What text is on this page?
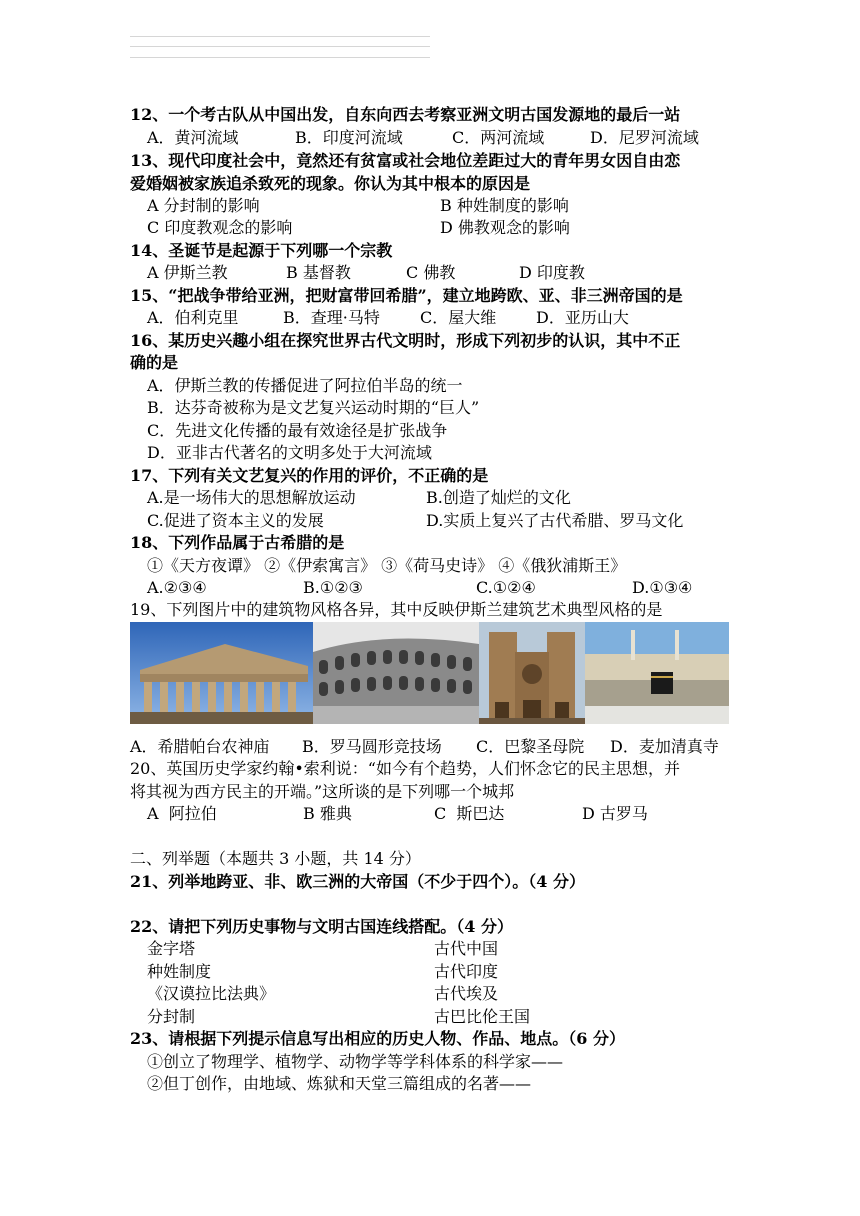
12、一个考古队从中国出发，自东向西去考察亚洲文明古国发源地的最后一站
A．黄河流域	B．印度河流域	C．两河流域	D．尼罗河流域
13、现代印度社会中，竟然还有贫富或社会地位差距过大的青年男女因自由恋
爱婚姻被家族追杀致死的现象。你认为其中根本的原因是
A 分封制的影响	B 种姓制度的影响
C 印度教观念的影响	D 佛教观念的影响
14、圣诞节是起源于下列哪一个宗教
A 伊斯兰教	B 基督教	C 佛教	D 印度教
15、“把战争带给亚洲，把财富带回希腊”，建立地跨欧、亚、非三洲帝国的是
A．伯利克里	B．查理·马特	C．屋大维 D．亚历山大
16、某历史兴趣小组在探究世界古代文明时，形成下列初步的认识，其中不正
确的是
A．伊斯兰教的传播促进了阿拉伯半岛的统一
B．达芬奇被称为是文艺复兴运动时期的“巨人”
C．先进文化传播的最有效途径是扩张战争
D．亚非古代著名的文明多处于大河流域
17、下列有关文艺复兴的作用的评价，不正确的是
A.是一场伟大的思想解放运动	B.创造了灿烂的文化
C.促进了资本主义的发展	D.实质上复兴了古代希腊、罗马文化
18、下列作品属于古希腊的是
①《天方夜谭》 ②《伊索寓言》 ③《荷马史诗》 ④《俄狄浦斯王》
A.②③④	B.①②③	C.①②④	D.①③④
19、下列图片中的建筑物风格各异，其中反映伊斯兰建筑艺术典型风格的是
A．希腊帕台农神庙 B．罗马圆形竞技场 C．巴黎圣母院 D．麦加清真寺
20、英国历史学家约翰•索利说：“如今有个趋势，人们怀念它的民主思想，并
将其视为西方民主的开端。”这所谈的是下列哪一个城邦
A  阿拉伯	B 雅典	C  斯巴达	D 古罗马
二、列举题（本题共 3 小题，共 14 分）
21、列举地跨亚、非、欧三洲的大帝国（不少于四个）。（4 分）
22、请把下列历史事物与文明古国连线搭配。（4 分）
金字塔	古代中国
种姓制度	古代印度
《汉谟拉比法典》	古代埃及
分封制	古巴比伦王国
23、请根据下列提示信息写出相应的历史人物、作品、地点。（6 分）
①创立了物理学、植物学、动物学等学科体系的科学家——
②但丁创作，由地域、炼狱和天堂三篇组成的名著——
